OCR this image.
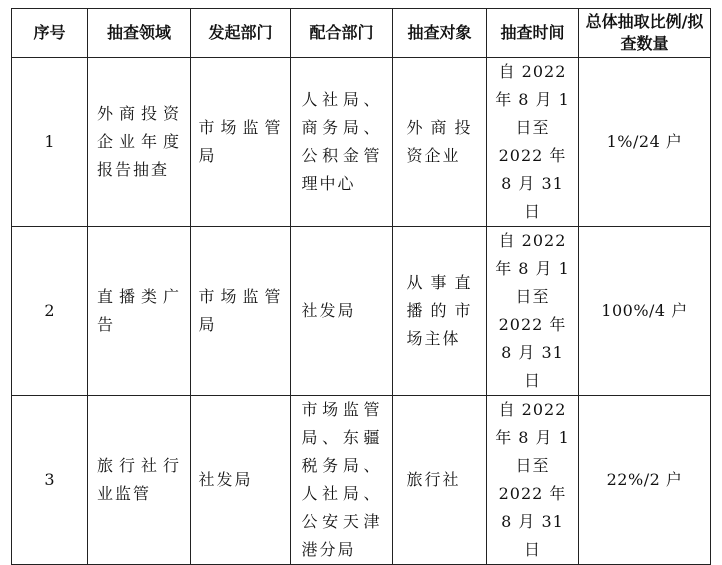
序号	抽查领域	发起部门	配合部门	抽查对象	抽查时间	总体抽取比例/拟查数量
1	外商投资企业年度报告抽查	市场监管局	人社局、商务局、公积金管理中心	外商投资企业	自 2022 年 8 月 1 日至 2022 年 8 月 31 日	1%/24 户
2	直播类广告	市场监管局	社发局	从事直播的市场主体	自 2022 年 8 月 1 日至 2022 年 8 月 31 日	100%/4 户
3	旅行社行业监管	社发局	市场监管局、东疆税务局、人社局、公安天津港分局	旅行社	自 2022 年 8 月 1 日至 2022 年 8 月 31 日	22%/2 户
